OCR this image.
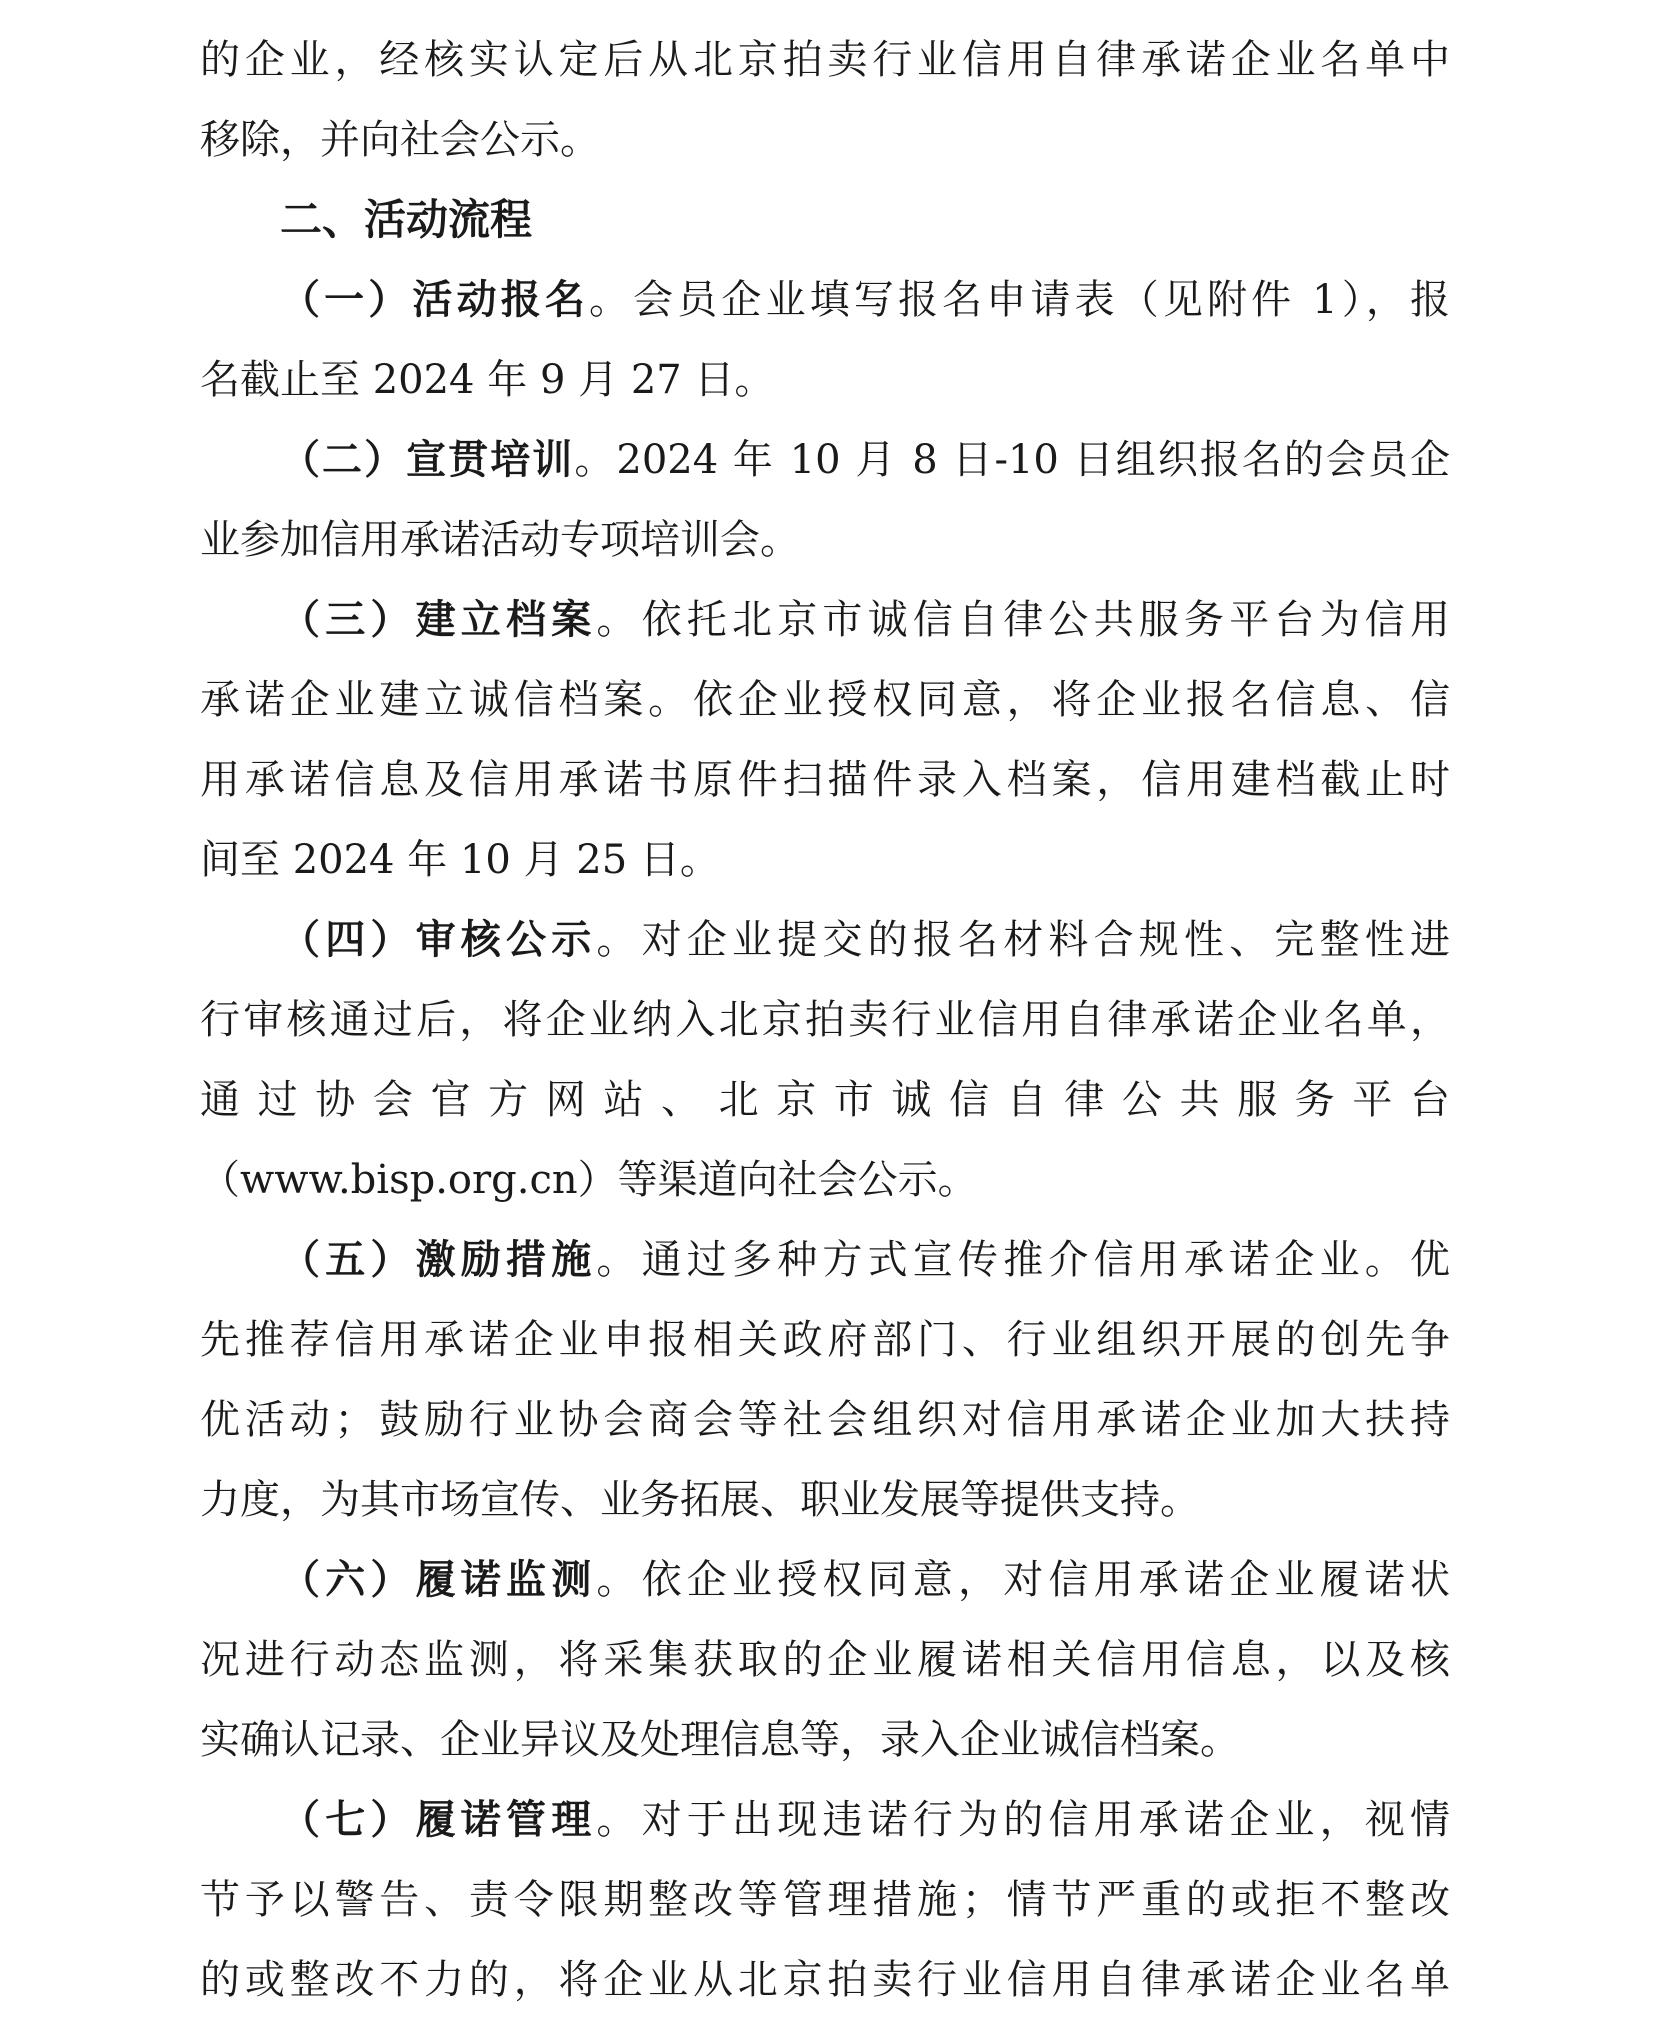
的企业，经核实认定后从北京拍卖行业信用自律承诺企业名单中
移除，并向社会公示。
二、活动流程
（一）活动报名。会员企业填写报名申请表（见附件 1），报
名截止至 2024 年 9 月 27 日。
（二）宣贯培训。2024 年 10 月 8 日-10 日组织报名的会员企
业参加信用承诺活动专项培训会。
（三）建立档案。依托北京市诚信自律公共服务平台为信用
承诺企业建立诚信档案。依企业授权同意，将企业报名信息、信
用承诺信息及信用承诺书原件扫描件录入档案，信用建档截止时
间至 2024 年 10 月 25 日。
（四）审核公示。对企业提交的报名材料合规性、完整性进
行审核通过后，将企业纳入北京拍卖行业信用自律承诺企业名单，
通过协会官方网站、北京市诚信自律公共服务平台
（www.bisp.org.cn）等渠道向社会公示。
（五）激励措施。通过多种方式宣传推介信用承诺企业。优
先推荐信用承诺企业申报相关政府部门、行业组织开展的创先争
优活动；鼓励行业协会商会等社会组织对信用承诺企业加大扶持
力度，为其市场宣传、业务拓展、职业发展等提供支持。
（六）履诺监测。依企业授权同意，对信用承诺企业履诺状
况进行动态监测，将采集获取的企业履诺相关信用信息，以及核
实确认记录、企业异议及处理信息等，录入企业诚信档案。
（七）履诺管理。对于出现违诺行为的信用承诺企业，视情
节予以警告、责令限期整改等管理措施；情节严重的或拒不整改
的或整改不力的，将企业从北京拍卖行业信用自律承诺企业名单
